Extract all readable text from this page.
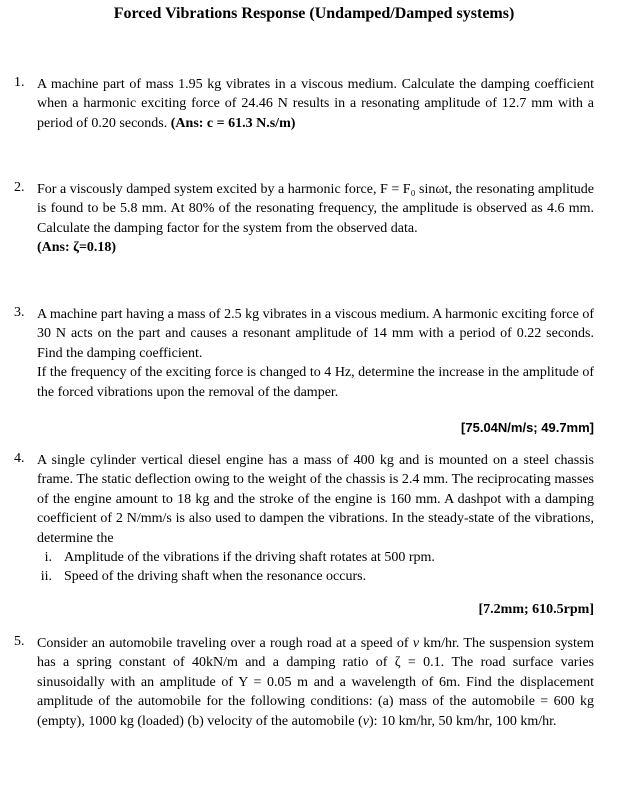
Forced Vibrations Response (Undamped/Damped systems)
1. A machine part of mass 1.95 kg vibrates in a viscous medium. Calculate the damping coefficient when a harmonic exciting force of 24.46 N results in a resonating amplitude of 12.7 mm with a period of 0.20 seconds. (Ans: c = 61.3 N.s/m)
2. For a viscously damped system excited by a harmonic force, F = F₀ sinωt, the resonating amplitude is found to be 5.8 mm. At 80% of the resonating frequency, the amplitude is observed as 4.6 mm. Calculate the damping factor for the system from the observed data.
(Ans: ζ=0.18)
3. A machine part having a mass of 2.5 kg vibrates in a viscous medium. A harmonic exciting force of 30 N acts on the part and causes a resonant amplitude of 14 mm with a period of 0.22 seconds. Find the damping coefficient.

If the frequency of the exciting force is changed to 4 Hz, determine the increase in the amplitude of the forced vibrations upon the removal of the damper.

[75.04N/m/s; 49.7mm]
4. A single cylinder vertical diesel engine has a mass of 400 kg and is mounted on a steel chassis frame. The static deflection owing to the weight of the chassis is 2.4 mm. The reciprocating masses of the engine amount to 18 kg and the stroke of the engine is 160 mm. A dashpot with a damping coefficient of 2 N/mm/s is also used to dampen the vibrations. In the steady-state of the vibrations, determine the

i. Amplitude of the vibrations if the driving shaft rotates at 500 rpm.
ii. Speed of the driving shaft when the resonance occurs.
[7.2mm; 610.5rpm]
5. Consider an automobile traveling over a rough road at a speed of v km/hr. The suspension system has a spring constant of 40kN/m and a damping ratio of ζ = 0.1. The road surface varies sinusoidally with an amplitude of Y = 0.05 m and a wavelength of 6m. Find the displacement amplitude of the automobile for the following conditions: (a) mass of the automobile = 600 kg (empty), 1000 kg (loaded) (b) velocity of the automobile (v): 10 km/hr, 50 km/hr, 100 km/hr.
